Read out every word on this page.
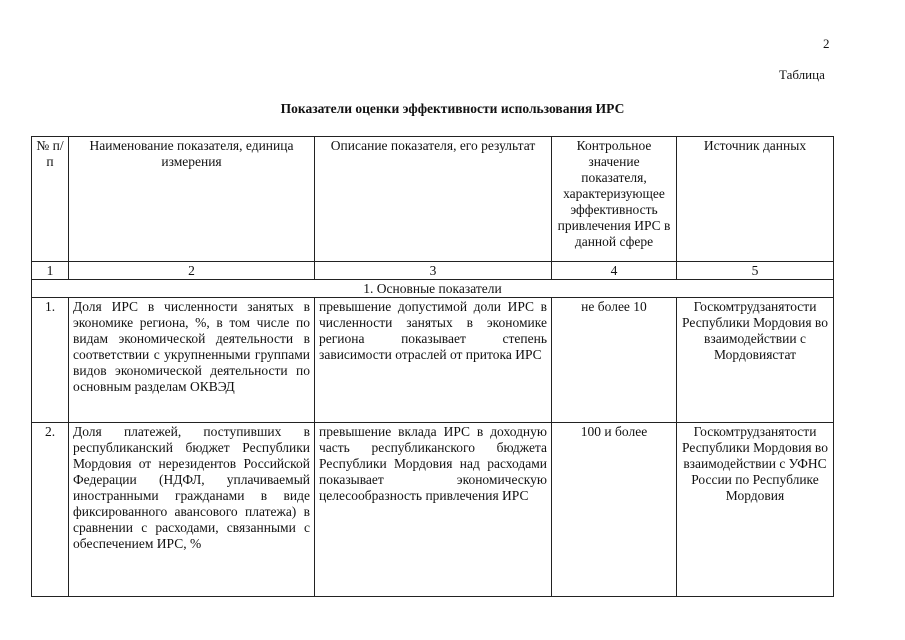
2
Таблица
Показатели оценки эффективности использования ИРС
№ п/п	Наименование показателя, единица измерения	Описание показателя, его результат	Контрольное значение показателя, характеризующее эффективность привлечения ИРС в данной сфере	Источник данных
1	2	3	4	5
1. Основные показатели				
1.	Доля ИРС в численности занятых в экономике региона, %, в том числе по видам экономической деятельности в соответствии с укрупненными группами видов экономической деятельности по основным разделам ОКВЭД	превышение допустимой доли ИРС в численности занятых в экономике региона показывает степень зависимости отраслей от притока ИРС	не более 10	Госкомтрудзанятости Республики Мордовия во взаимодействии с Мордовиястат
2.	Доля платежей, поступивших в республиканский бюджет Республики Мордовия от нерезидентов Российской Федерации (НДФЛ, уплачиваемый иностранными гражданами в виде фиксированного авансового платежа) в сравнении с расходами, связанными с обеспечением ИРС, %	превышение вклада ИРС в доходную часть республиканского бюджета Республики Мордовия над расходами показывает экономическую целесообразность привлечения ИРС	100 и более	Госкомтрудзанятости Республики Мордовия во взаимодействии с УФНС России по Республике Мордовия
